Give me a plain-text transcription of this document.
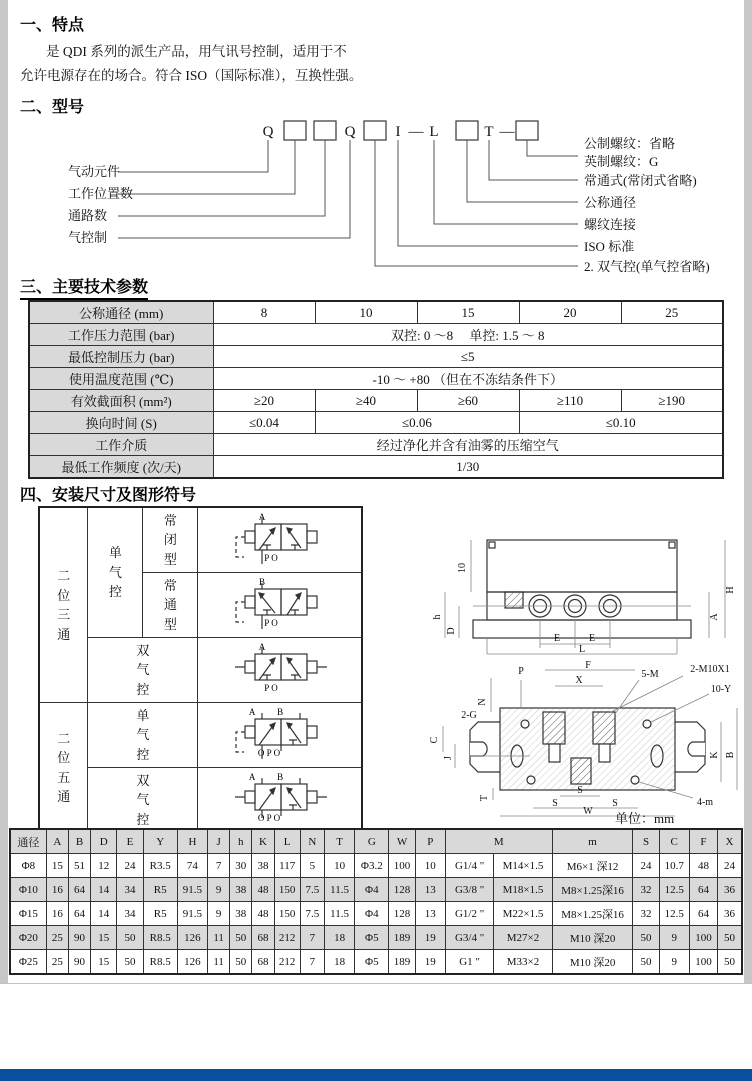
一、特点
是 QDI 系列的派生产品，用气讯号控制，适用于不
允许电源存在的场合。符合 ISO（国际标准），互换性强。
二、型号
Q	Q	I — L	T —
气动元件
工作位置数
通路数
气控制
公制螺纹：省略
英制螺纹：G
常通式(常闭式省略)
公称通径
螺纹连接
ISO 标准
2. 双气控(单气控省略)
三、主要技术参数
公称通径 (mm)	8	10	15	20	25
工作压力范围 (bar)	双控: 0 ～8　 单控: 1.5 ～ 8				
最低控制压力 (bar)	≤5				
使用温度范围 (℃)	-10 ～ +80 （但在不冻结条件下）				
有效截面积 (mm²)	≥20	≥40	≥60	≥110	≥190
换向时间 (S)	≤0.04	≤0.06		≤0.10	
工作介质	经过净化并含有油雾的压缩空气				
最低工作频度 (次/天)	1/30				
四、安装尺寸及图形符号
二位三通	单气控	常闭型	A
P O

		常通型	B
P O

	双气控		A
P O

二位五通	单气控		A B
O P O

	双气控		A B
O P O
10
h
D
H
A
E	E
L
P
F
X
5-M	2-M10X1
10-Y
C
2-G
N
J
T
S
S	S
W
K B
4-m
单位：mm
通径	A	B	D	E	Y	H	J	h	K	L	N	T	G	W	P	M		m	S	C	F	X
Φ8	15	51	12	24	R3.5	74	7	30	38	117	5	10	Φ3.2	100	10	G1/4 "	M14×1.5	M6×1 深12	24	10.7	48	24
Φ10	16	64	14	34	R5	91.5	9	38	48	150	7.5	11.5	Φ4	128	13	G3/8 "	M18×1.5	M8×1.25深16	32	12.5	64	36
Φ15	16	64	14	34	R5	91.5	9	38	48	150	7.5	11.5	Φ4	128	13	G1/2 "	M22×1.5	M8×1.25深16	32	12.5	64	36
Φ20	25	90	15	50	R8.5	126	11	50	68	212	7	18	Φ5	189	19	G3/4 "	M27×2	M10 深20	50	9	100	50
Φ25	25	90	15	50	R8.5	126	11	50	68	212	7	18	Φ5	189	19	G1 "	M33×2	M10 深20	50	9	100	50
